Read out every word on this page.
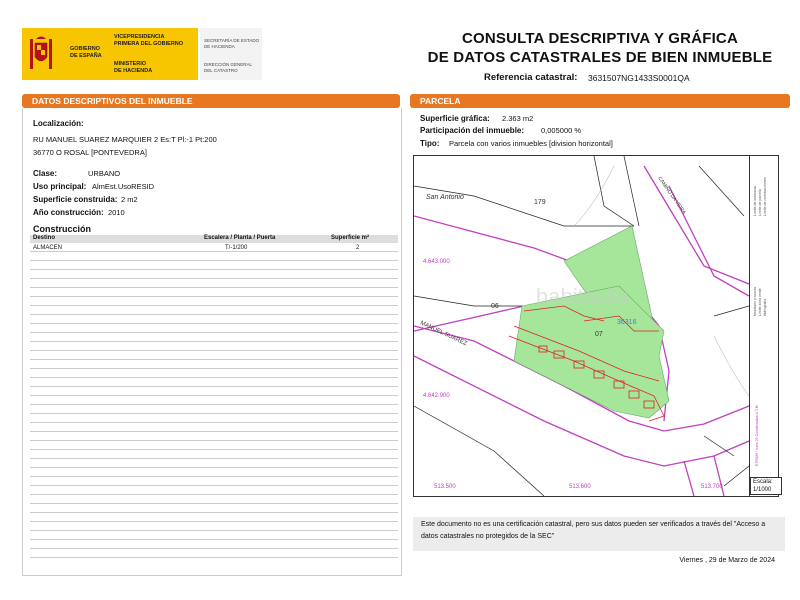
GOBIERNO
DE ESPAÑA
VICEPRESIDENCIA
PRIMERA DEL GOBIERNO
MINISTERIO
DE HACIENDA
SECRETARÍA DE ESTADO
DE HACIENDA
DIRECCIÓN GENERAL
DEL CATASTRO
CONSULTA DESCRIPTIVA Y GRÁFICA
DE DATOS CATASTRALES DE BIEN INMUEBLE
Referencia catastral: 3631507NG1433S0001QA
DATOS DESCRIPTIVOS DEL INMUEBLE
Localización:
RU MANUEL SUAREZ MARQUIER 2 Es:T Pl:-1 Pt:200
36770 O ROSAL [PONTEVEDRA]
Clase:	URBANO
Uso principal: AlmEst.UsoRESID
Superficie construida: 2 m2
Año construcción: 2010
Construcción
Destino	Escalera / Planta / Puerta	Superficie m²
ALMACEN	T/-1/200	2
PARCELA
Superficie gráfica: 2.363 m2
Participación del inmueble: 0,005000 %
Tipo: Parcela con varios inmuebles [division horizontal]
San Antonio	CAMINO DA VEIRA
MANUEL SUAREZ
179
06
07
36316
4.643.000
4.642.900
513.500	513.600	513.700
habitaclia
Límite de manzana Límite de parcela Límite de construcciones
Mobiliario y aceras Límite zona verde Hidrografía
ETRS89 / huso 29 Coordenadas U.T.M.
Escala:
1/1000
Este documento no es una certificación catastral, pero sus datos pueden ser verificados a través del "Acceso a datos catastrales no protegidos de la SEC"
Viernes , 29 de Marzo de 2024
